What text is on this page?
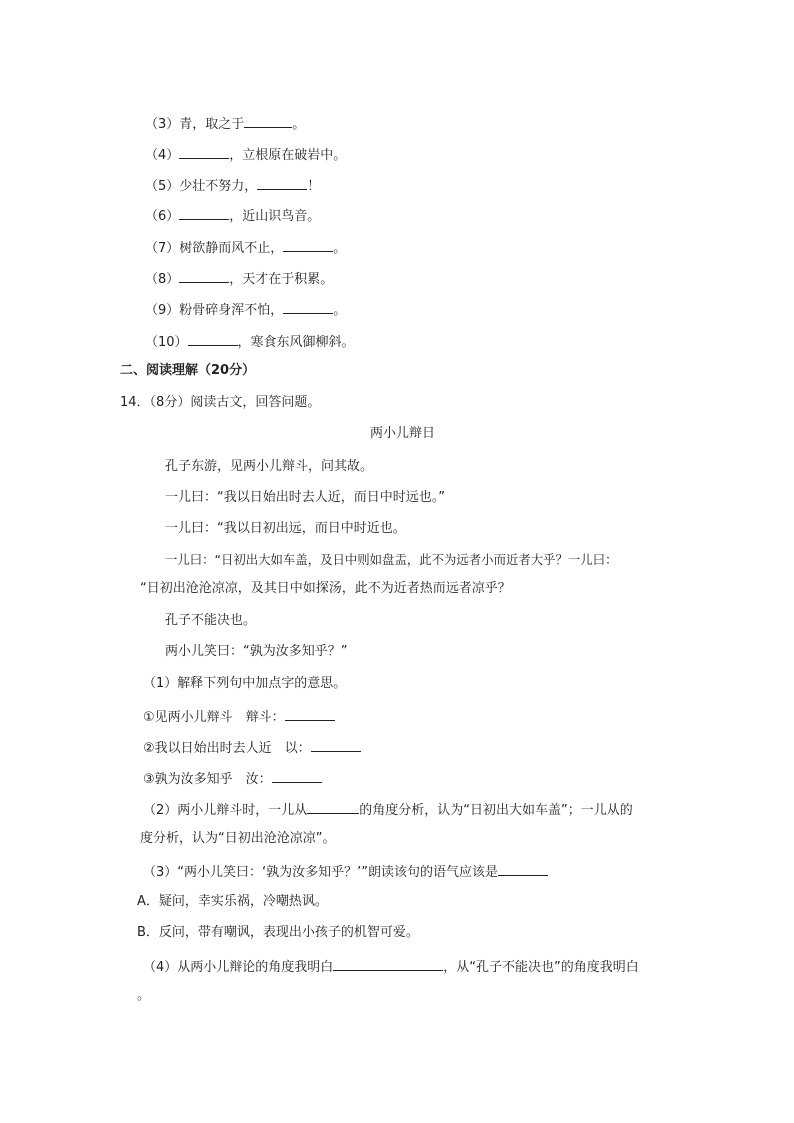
（3）青，取之于	。
（4）	，立根原在破岩中。
（5）少壮不努力，	！
（6）	，近山识鸟音。
（7）树欲静而风不止，	。
（8）	，天才在于积累。
（9）粉骨碎身浑不怕，	。
（10）	，寒食东风御柳斜。
二、阅读理解（20分）
14．（8分）阅读古文，回答问题。
两小儿辩日
孔子东游，见两小儿辩斗，问其故。
一儿曰：“我以日始出时去人近，而日中时远也。”
一儿曰：“我以日初出远，而日中时近也。
一儿曰：“日初出大如车盖，及日中则如盘盂，此不为远者小而近者大乎？一儿曰：
“日初出沧沧凉凉，及其日中如探汤，此不为近者热而远者凉乎？
孔子不能决也。
两小儿笑曰：“孰为汝多知乎？”
（1）解释下列句中加点字的意思。
①见两小儿辩斗　辩斗：
②我以日始出时去人近　以：
③孰为汝多知乎　汝：
（2）两小儿辩斗时，一儿从	的角度分析，认为“日初出大如车盖”；一儿从的
度分析，认为“日初出沧沧凉凉”。
（3）“两小儿笑曰：‘孰为汝多知乎？’”朗读该句的语气应该是
A．疑问，幸实乐祸，冷嘲热讽。
B．反问，带有嘲讽，表现出小孩子的机智可爱。
（4）从两小儿辩论的角度我明白	，从“孔子不能决也”的角度我明白
。
